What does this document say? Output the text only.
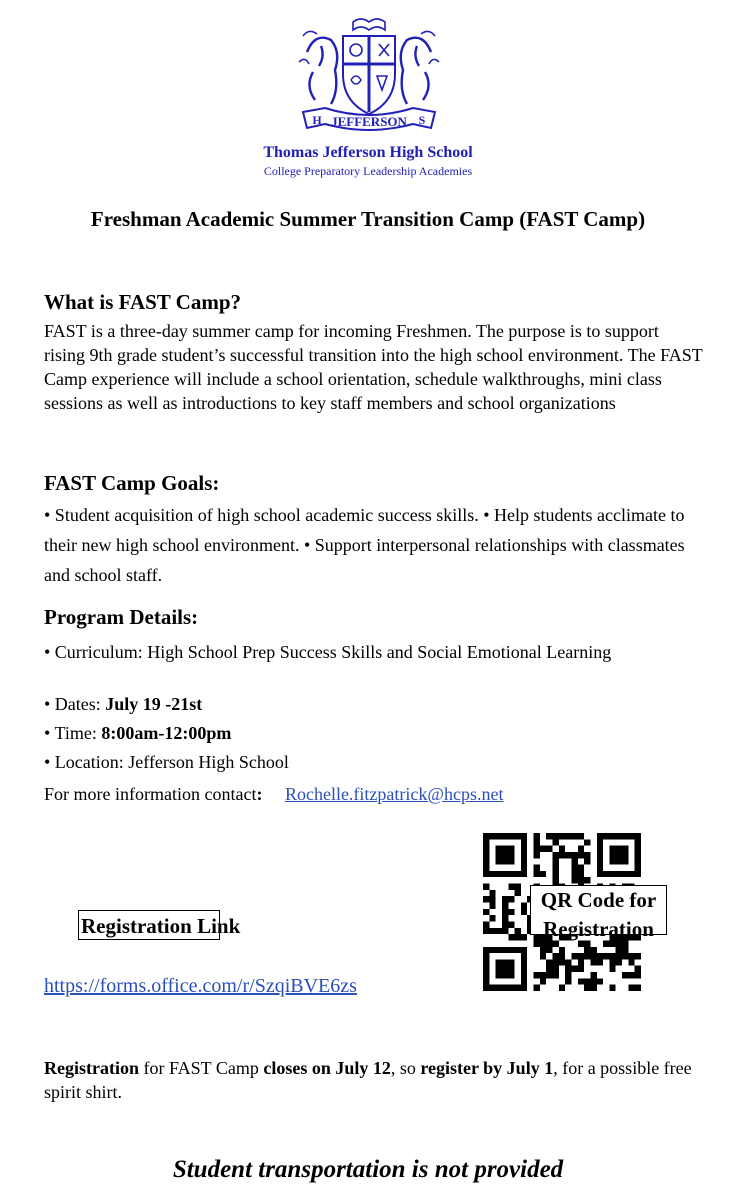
H JEFFERSON S
Thomas Jefferson High School
College Preparatory Leadership Academies
Freshman Academic Summer Transition Camp (FAST Camp)
What is FAST Camp?
FAST is a three-day summer camp for incoming Freshmen. The purpose is to support rising 9th grade student’s successful transition into the high school environment. The FAST Camp experience will include a school orientation, schedule walkthroughs, mini class sessions as well as introductions to key staff members and school organizations
FAST Camp Goals:
• Student acquisition of high school academic success skills. • Help students acclimate to their new high school environment. • Support interpersonal relationships with classmates and school staff.
Program Details:
• Curriculum: High School Prep Success Skills and Social Emotional Learning
• Dates: July 19 -21st
• Time: 8:00am-12:00pm
• Location: Jefferson High School
For more information contact: Rochelle.fitzpatrick@hcps.net
Registration Link
https://forms.office.com/r/SzqiBVE6zs
QR Code for Registration
Registration for FAST Camp closes on July 12, so register by July 1, for a possible free spirit shirt.
Student transportation is not provided
